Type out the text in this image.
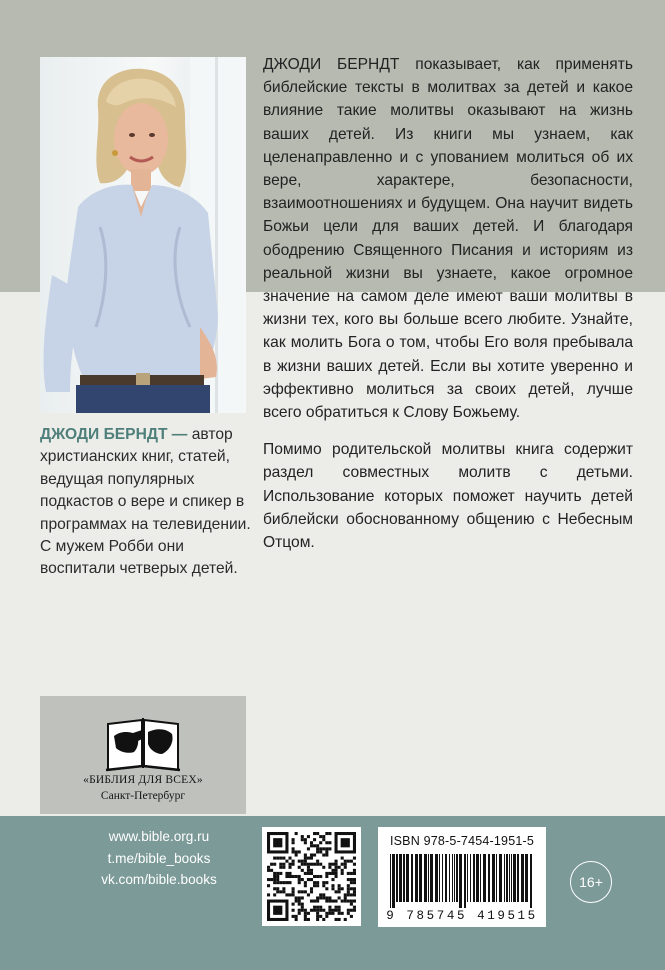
ДЖОДИ БЕРНДТ показывает, как применять библейские тексты в молитвах за детей и какое влияние такие молитвы оказывают на жизнь ваших детей. Из книги мы узнаем, как целенаправленно и с упованием молиться об их вере, характере, безопасности, взаимоотношениях и будущем. Она научит видеть Божьи цели для ваших детей. И благодаря ободрению Священного Писания и историям из реальной жизни вы узнаете, какое огромное значение на самом деле имеют ваши молитвы в жизни тех, кого вы больше всего любите. Узнайте, как молить Бога о том, чтобы Его воля пребывала в жизни ваших детей. Если вы хотите уверенно и эффективно молиться за своих детей, лучше всего обратиться к Слову Божьему.

Помимо родительской молитвы книга содержит раздел совместных молитв с детьми. Использование которых поможет научить детей библейски обоснованному общению с Небесным Отцом.

ДЖОДИ БЕРНДТ — автор христианских книг, статей, ведущая популярных подкастов о вере и спикер в программах на телевидении. С мужем Робби они воспитали четверых детей.
«БИБЛИЯ ДЛЯ ВСЕХ»
Санкт-Петербург
www.bible.org.ru
t.me/bible_books
vk.com/bible.books
ISBN 978-5-7454-1951-5
9 785745 419515
16+
